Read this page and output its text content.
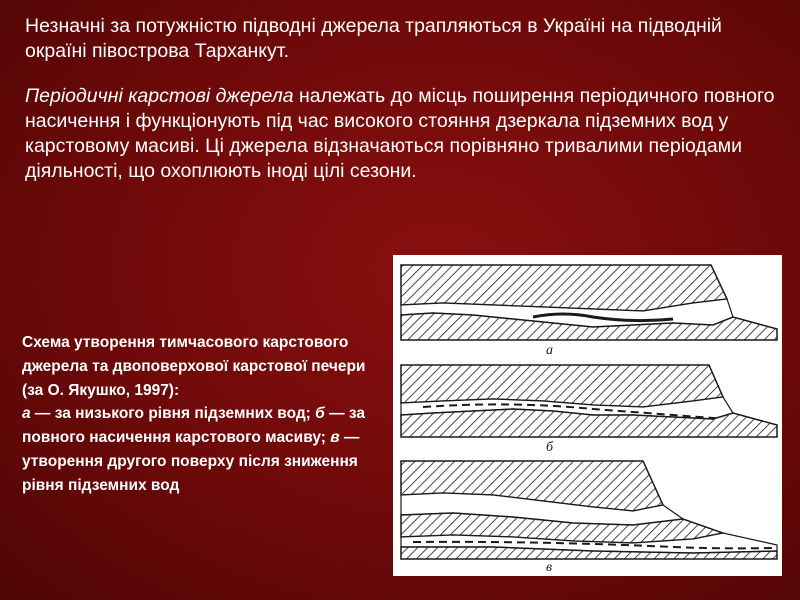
Незначні за потужністю підводні джерела трапляються в Україні на підводній окраїні півострова Тарханкут.

Періодичні карстові джерела належать до місць поширення періодичного повного насичення і функціонують під час високого стояння дзеркала підземних вод у карстовому масиві. Ці джерела відзначаються порівняно тривалими періодами діяльності, що охоплюють іноді цілі сезони.

Схема утворення тимчасового карстового джерела та двоповерхової карстової печери (за О. Якушко, 1997):
а — за низького рівня підземних вод; б — за повного насичення карстового масиву; в — утворення другого поверху після зниження рівня підземних вод

а
б
в
